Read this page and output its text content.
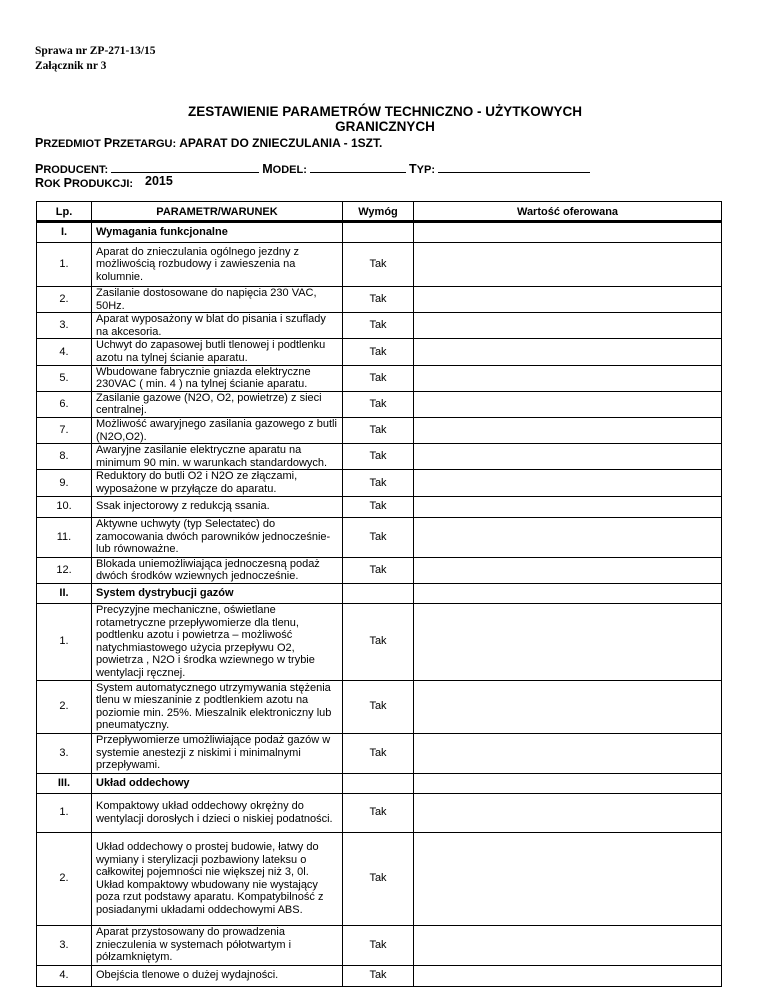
Sprawa nr ZP-271-13/15
Załącznik nr 3
ZESTAWIENIE PARAMETRÓW TECHNICZNO - UŻYTKOWYCH
GRANICZNYCH
PRZEDMIOT PRZETARGU: APARAT DO ZNIECZULANIA - 1SZT.
PRODUCENT:	MODEL:	TYP:
ROK PRODUKCJI: 2015
Lp.	PARAMETR/WARUNEK	Wymóg	Wartość oferowana
I.	Wymagania funkcjonalne		
1.	Aparat do znieczulania ogólnego jezdny z możliwością rozbudowy i zawieszenia na kolumnie.	Tak	
2.	Zasilanie dostosowane do napięcia 230 VAC, 50Hz.	Tak	
3.	Aparat wyposażony w blat do pisania i szuflady na akcesoria.	Tak	
4.	Uchwyt do zapasowej butli tlenowej i podtlenku azotu na tylnej ścianie aparatu.	Tak	
5.	Wbudowane fabrycznie gniazda elektryczne 230VAC ( min. 4 ) na tylnej ścianie aparatu.	Tak	
6.	Zasilanie gazowe (N2O, O2, powietrze) z sieci centralnej.	Tak	
7.	Możliwość awaryjnego zasilania gazowego z butli (N2O,O2).	Tak	
8.	Awaryjne zasilanie elektryczne aparatu na minimum 90 min. w warunkach standardowych.	Tak	
9.	Reduktory do butli O2 i N2O ze złączami, wyposażone w przyłącze do aparatu.	Tak	
10.	Ssak injectorowy z redukcją ssania.	Tak	
11.	Aktywne uchwyty (typ Selectatec) do zamocowania dwóch parowników jednocześnie-lub równoważne.	Tak	
12.	Blokada uniemożliwiająca jednoczesną podaż dwóch środków wziewnych jednocześnie.	Tak	
II.	System dystrybucji gazów		
1.	Precyzyjne mechaniczne, oświetlane rotametryczne przepływomierze dla tlenu, podtlenku azotu i powietrza – możliwość natychmiastowego użycia przepływu O2, powietrza , N2O i środka wziewnego w trybie wentylacji ręcznej.	Tak	
2.	System automatycznego utrzymywania stężenia tlenu w mieszaninie z podtlenkiem azotu na poziomie min. 25%. Mieszalnik elektroniczny lub pneumatyczny.	Tak	
3.	Przepływomierze umożliwiające podaż gazów w systemie anestezji z niskimi i minimalnymi przepływami.	Tak	
III.	Układ oddechowy		
1.	Kompaktowy układ oddechowy okrężny do wentylacji dorosłych i dzieci o niskiej podatności.	Tak	
2.	Układ oddechowy o prostej budowie, łatwy do wymiany i sterylizacji pozbawiony lateksu o całkowitej pojemności nie większej niż 3, 0l. Układ kompaktowy wbudowany nie wystający poza rzut podstawy aparatu. Kompatybilność z posiadanymi układami oddechowymi ABS.	Tak	
3.	Aparat przystosowany do prowadzenia znieczulenia w systemach półotwartym i półzamkniętym.	Tak	
4.	Obejścia tlenowe o dużej wydajności.	Tak	
